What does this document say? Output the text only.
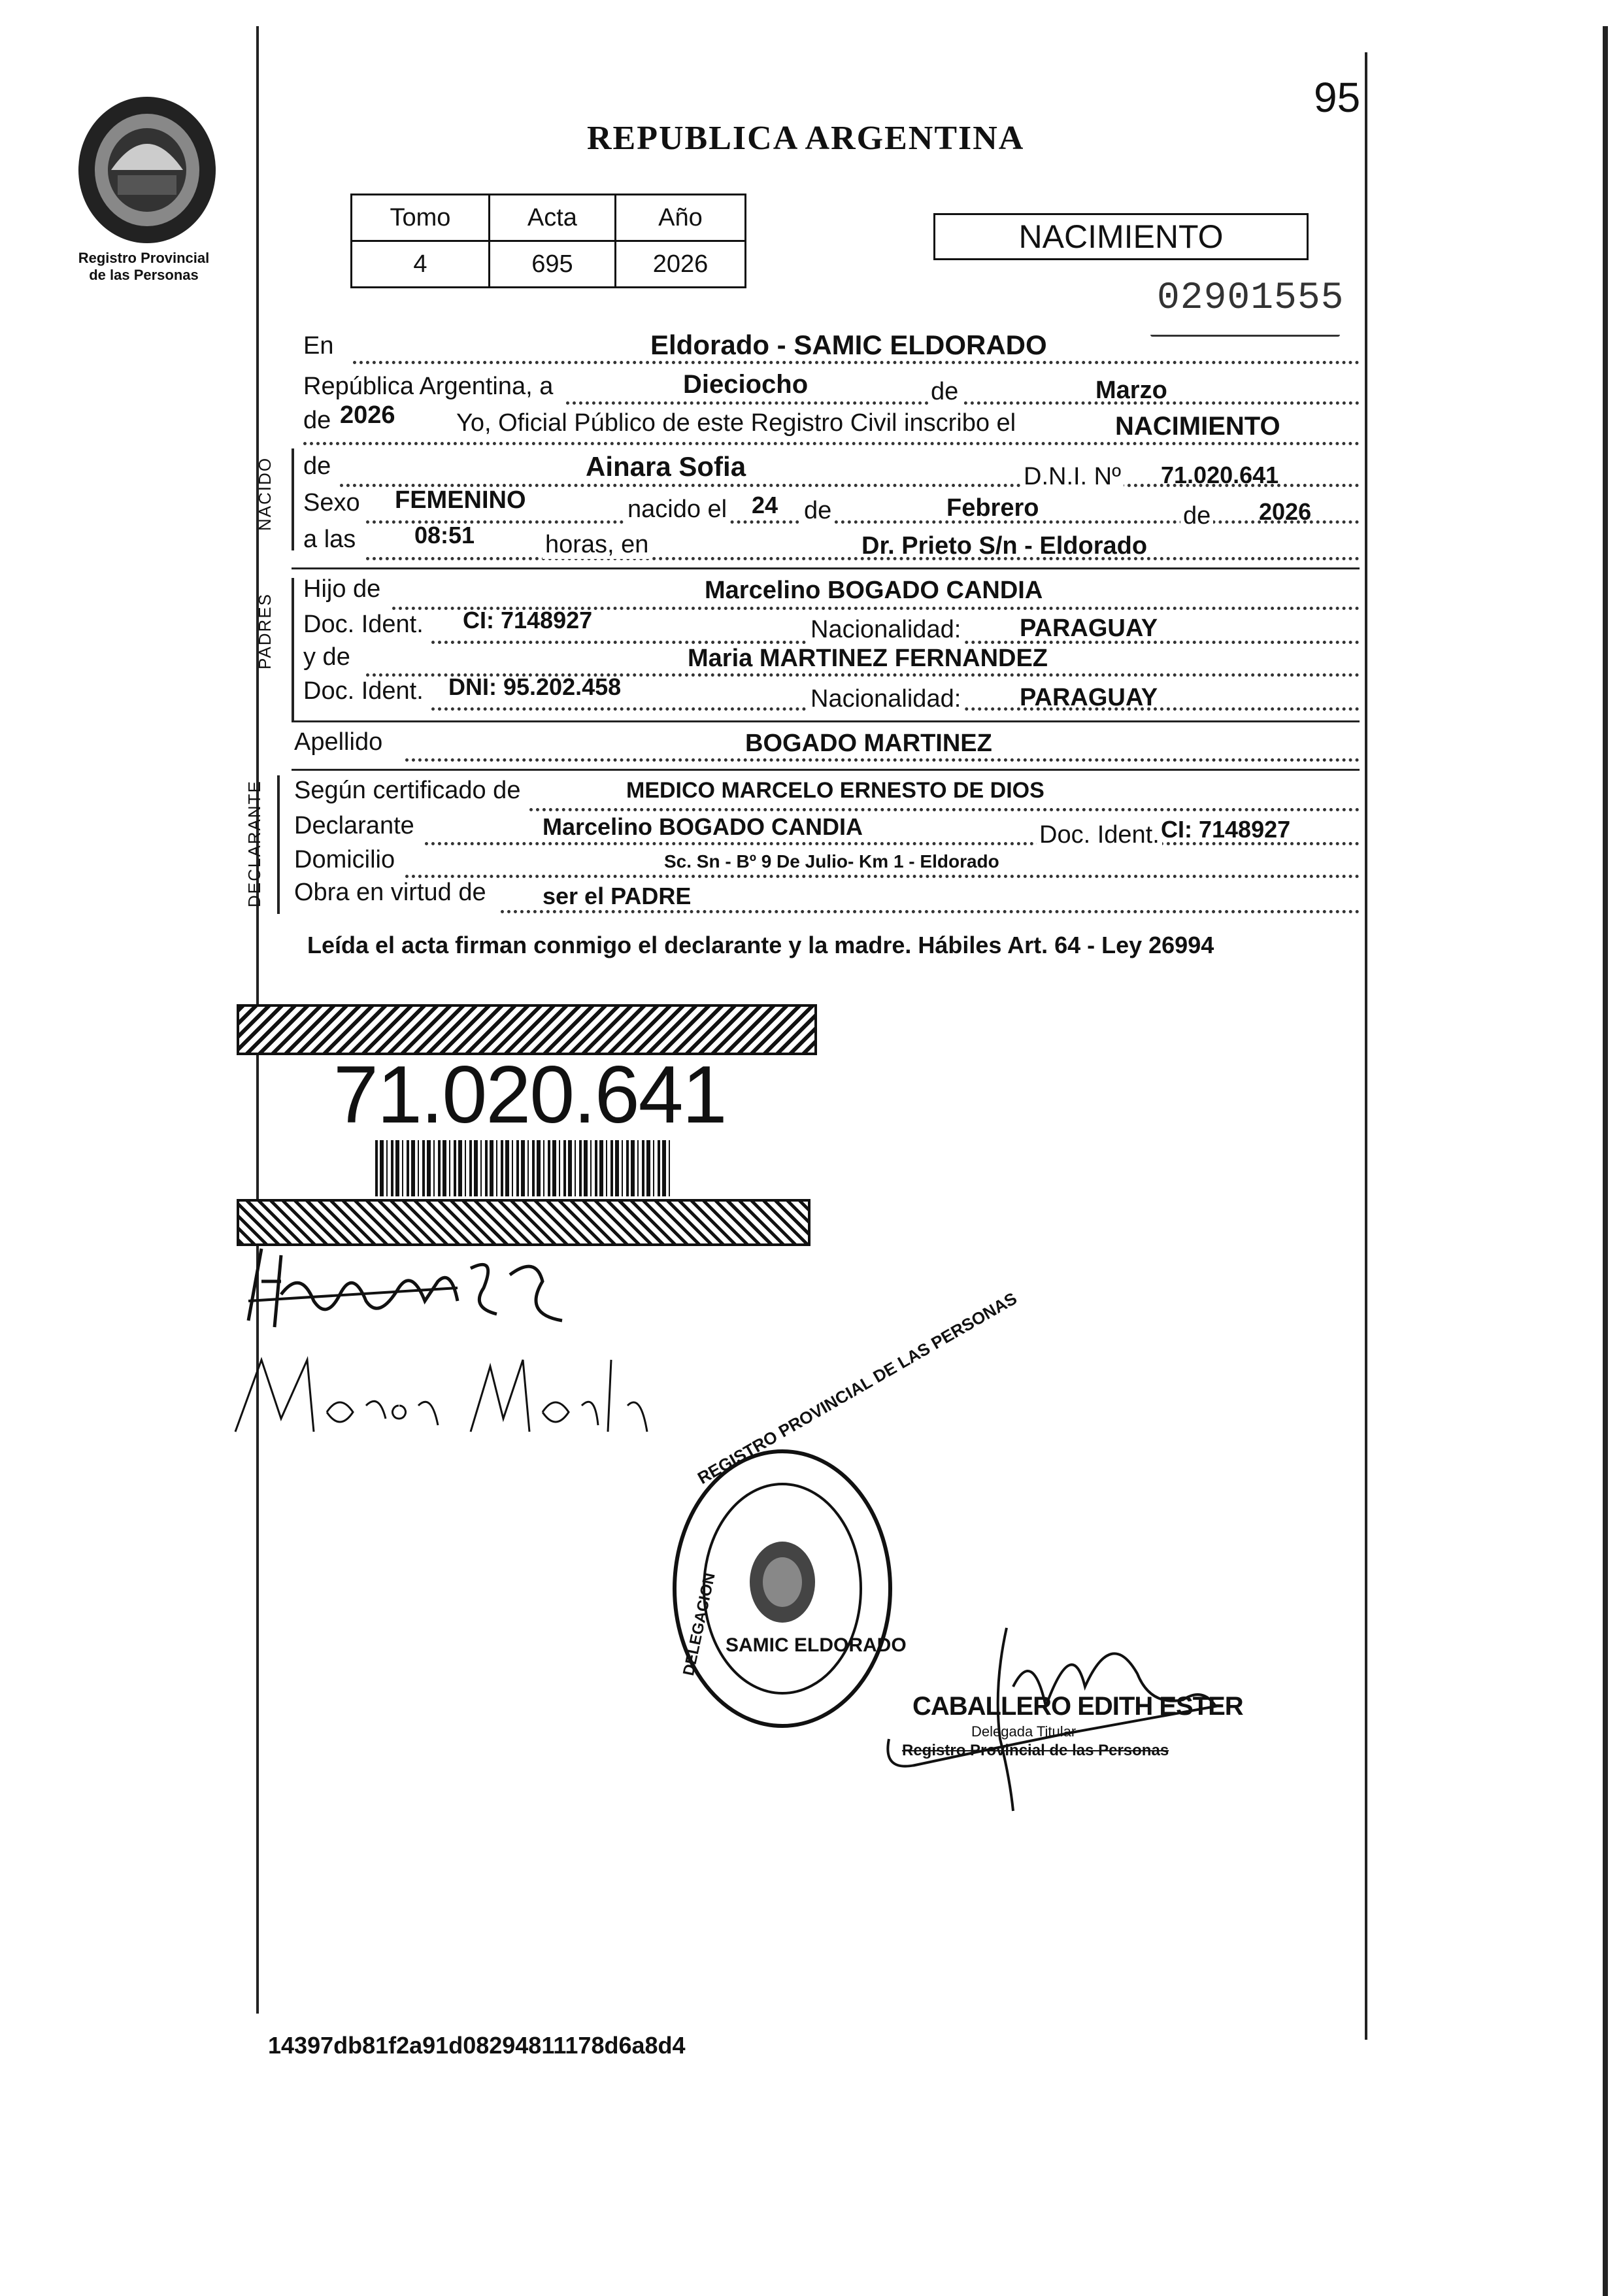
Registro Provincial
de las Personas
95
REPUBLICA ARGENTINA
Tomo	Acta	Año
4	695	2026
NACIMIENTO
02901555
En	Eldorado - SAMIC ELDORADO
República Argentina, a	Dieciocho	de	Marzo
de 2026 Yo, Oficial Público de este Registro Civil inscribo el	NACIMIENTO
NACIDO de	Ainara Sofia	D.N.I. Nº 71.020.641
Sexo FEMENINO	nacido el 24 de	Febrero	de 2026
a las 08:51	horas, en	Dr. Prieto S/n - Eldorado
PADRES
Hijo de	Marcelino BOGADO CANDIA
Doc. Ident. CI: 7148927	Nacionalidad: PARAGUAY
y de	Maria MARTINEZ FERNANDEZ
Doc. Ident. DNI: 95.202.458	Nacionalidad: PARAGUAY
Apellido	BOGADO MARTINEZ
DECLARANTE Según certificado de	MEDICO MARCELO ERNESTO DE DIOS
Declarante	Marcelino BOGADO CANDIA	Doc. Ident. CI: 7148927
Domicilio	Sc. Sn - Bº 9 De Julio- Km 1 - Eldorado
Obra en virtud de ser el PADRE
Leída el acta firman conmigo el declarante y la madre. Hábiles Art. 64 - Ley 26994
71.020.641
REGISTRO PROVINCIAL DE LAS PERSONAS
DELEGACION SAMIC ELDORADO
CABALLERO EDITH ESTER
Delegada Titular
Registro Provincial de las Personas
14397db81f2a91d08294811178d6a8d4
